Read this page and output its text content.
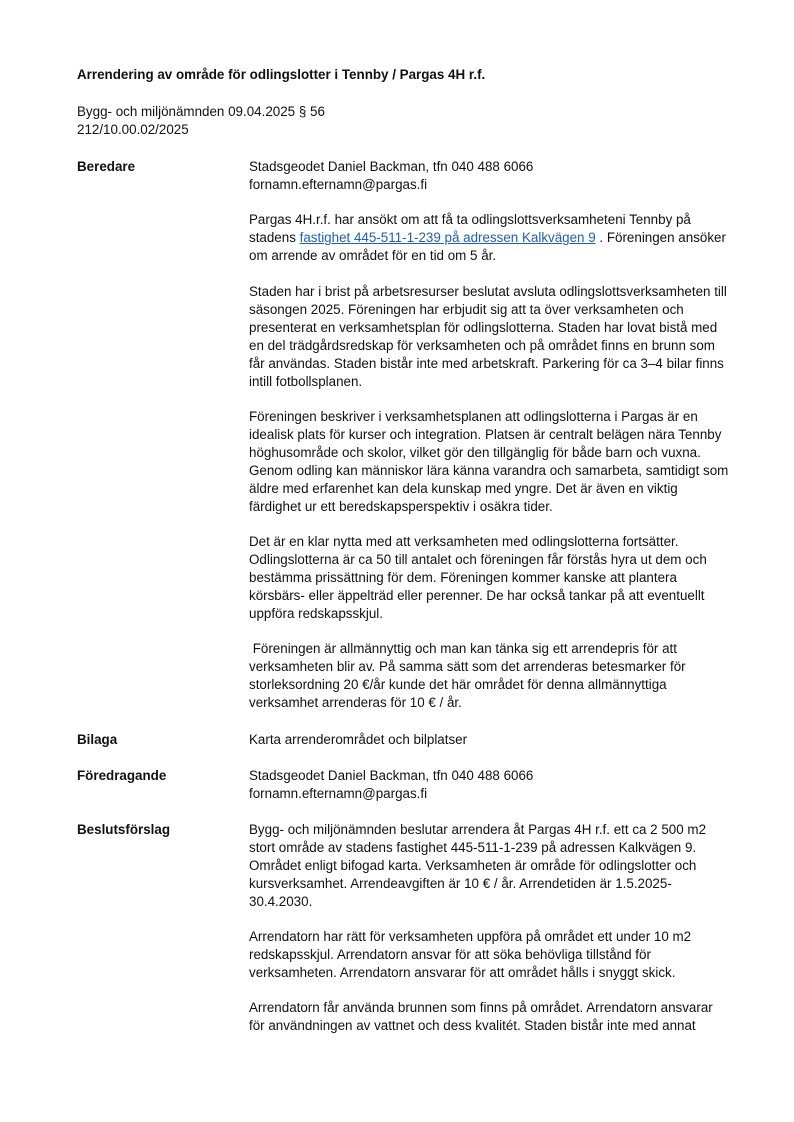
Arrendering av område för odlingslotter i Tennby / Pargas 4H r.f.
Bygg- och miljönämnden 09.04.2025 § 56
212/10.00.02/2025
Beredare	Stadsgeodet Daniel Backman, tfn 040 488 6066
fornamn.efternamn@pargas.fi
Pargas 4H.r.f. har ansökt om att få ta odlingslottsverksamheteni Tennby på
stadens fastighet 445-511-1-239 på adressen Kalkvägen 9 . Föreningen ansöker
om arrende av området för en tid om 5 år.
Staden har i brist på arbetsresurser beslutat avsluta odlingslottsverksamheten till
säsongen 2025. Föreningen har erbjudit sig att ta över verksamheten och
presenterat en verksamhetsplan för odlingslotterna. Staden har lovat bistå med
en del trädgårdsredskap för verksamheten och på området finns en brunn som
får användas. Staden bistår inte med arbetskraft. Parkering för ca 3–4 bilar finns
intill fotbollsplanen.
Föreningen beskriver i verksamhetsplanen att odlingslotterna i Pargas är en
idealisk plats för kurser och integration. Platsen är centralt belägen nära Tennby
höghusområde och skolor, vilket gör den tillgänglig för både barn och vuxna.
Genom odling kan människor lära känna varandra och samarbeta, samtidigt som
äldre med erfarenhet kan dela kunskap med yngre. Det är även en viktig
färdighet ur ett beredskapsperspektiv i osäkra tider.
Det är en klar nytta med att verksamheten med odlingslotterna fortsätter.
Odlingslotterna är ca 50 till antalet och föreningen får förstås hyra ut dem och
bestämma prissättning för dem. Föreningen kommer kanske att plantera
körsbärs- eller äppelträd eller perenner. De har också tankar på att eventuellt
uppföra redskapsskjul.
Föreningen är allmännyttig och man kan tänka sig ett arrendepris för att
verksamheten blir av. På samma sätt som det arrenderas betesmarker för
storleksordning 20 €/år kunde det här området för denna allmännyttiga
verksamhet arrenderas för 10 € / år.
Bilaga	Karta arrenderområdet och bilplatser
Föredragande	Stadsgeodet Daniel Backman, tfn 040 488 6066
fornamn.efternamn@pargas.fi
Beslutsförslag	Bygg- och miljönämnden beslutar arrendera åt Pargas 4H r.f. ett ca 2 500 m2
stort område av stadens fastighet 445-511-1-239 på adressen Kalkvägen 9.
Området enligt bifogad karta. Verksamheten är område för odlingslotter och
kursverksamhet. Arrendeavgiften är 10 € / år. Arrendetiden är 1.5.2025-
30.4.2030.
Arrendatorn har rätt för verksamheten uppföra på området ett under 10 m2
redskapsskjul. Arrendatorn ansvar för att söka behövliga tillstånd för
verksamheten. Arrendatorn ansvarar för att området hålls i snyggt skick.
Arrendatorn får använda brunnen som finns på området. Arrendatorn ansvarar
för användningen av vattnet och dess kvalitét. Staden bistår inte med annat
